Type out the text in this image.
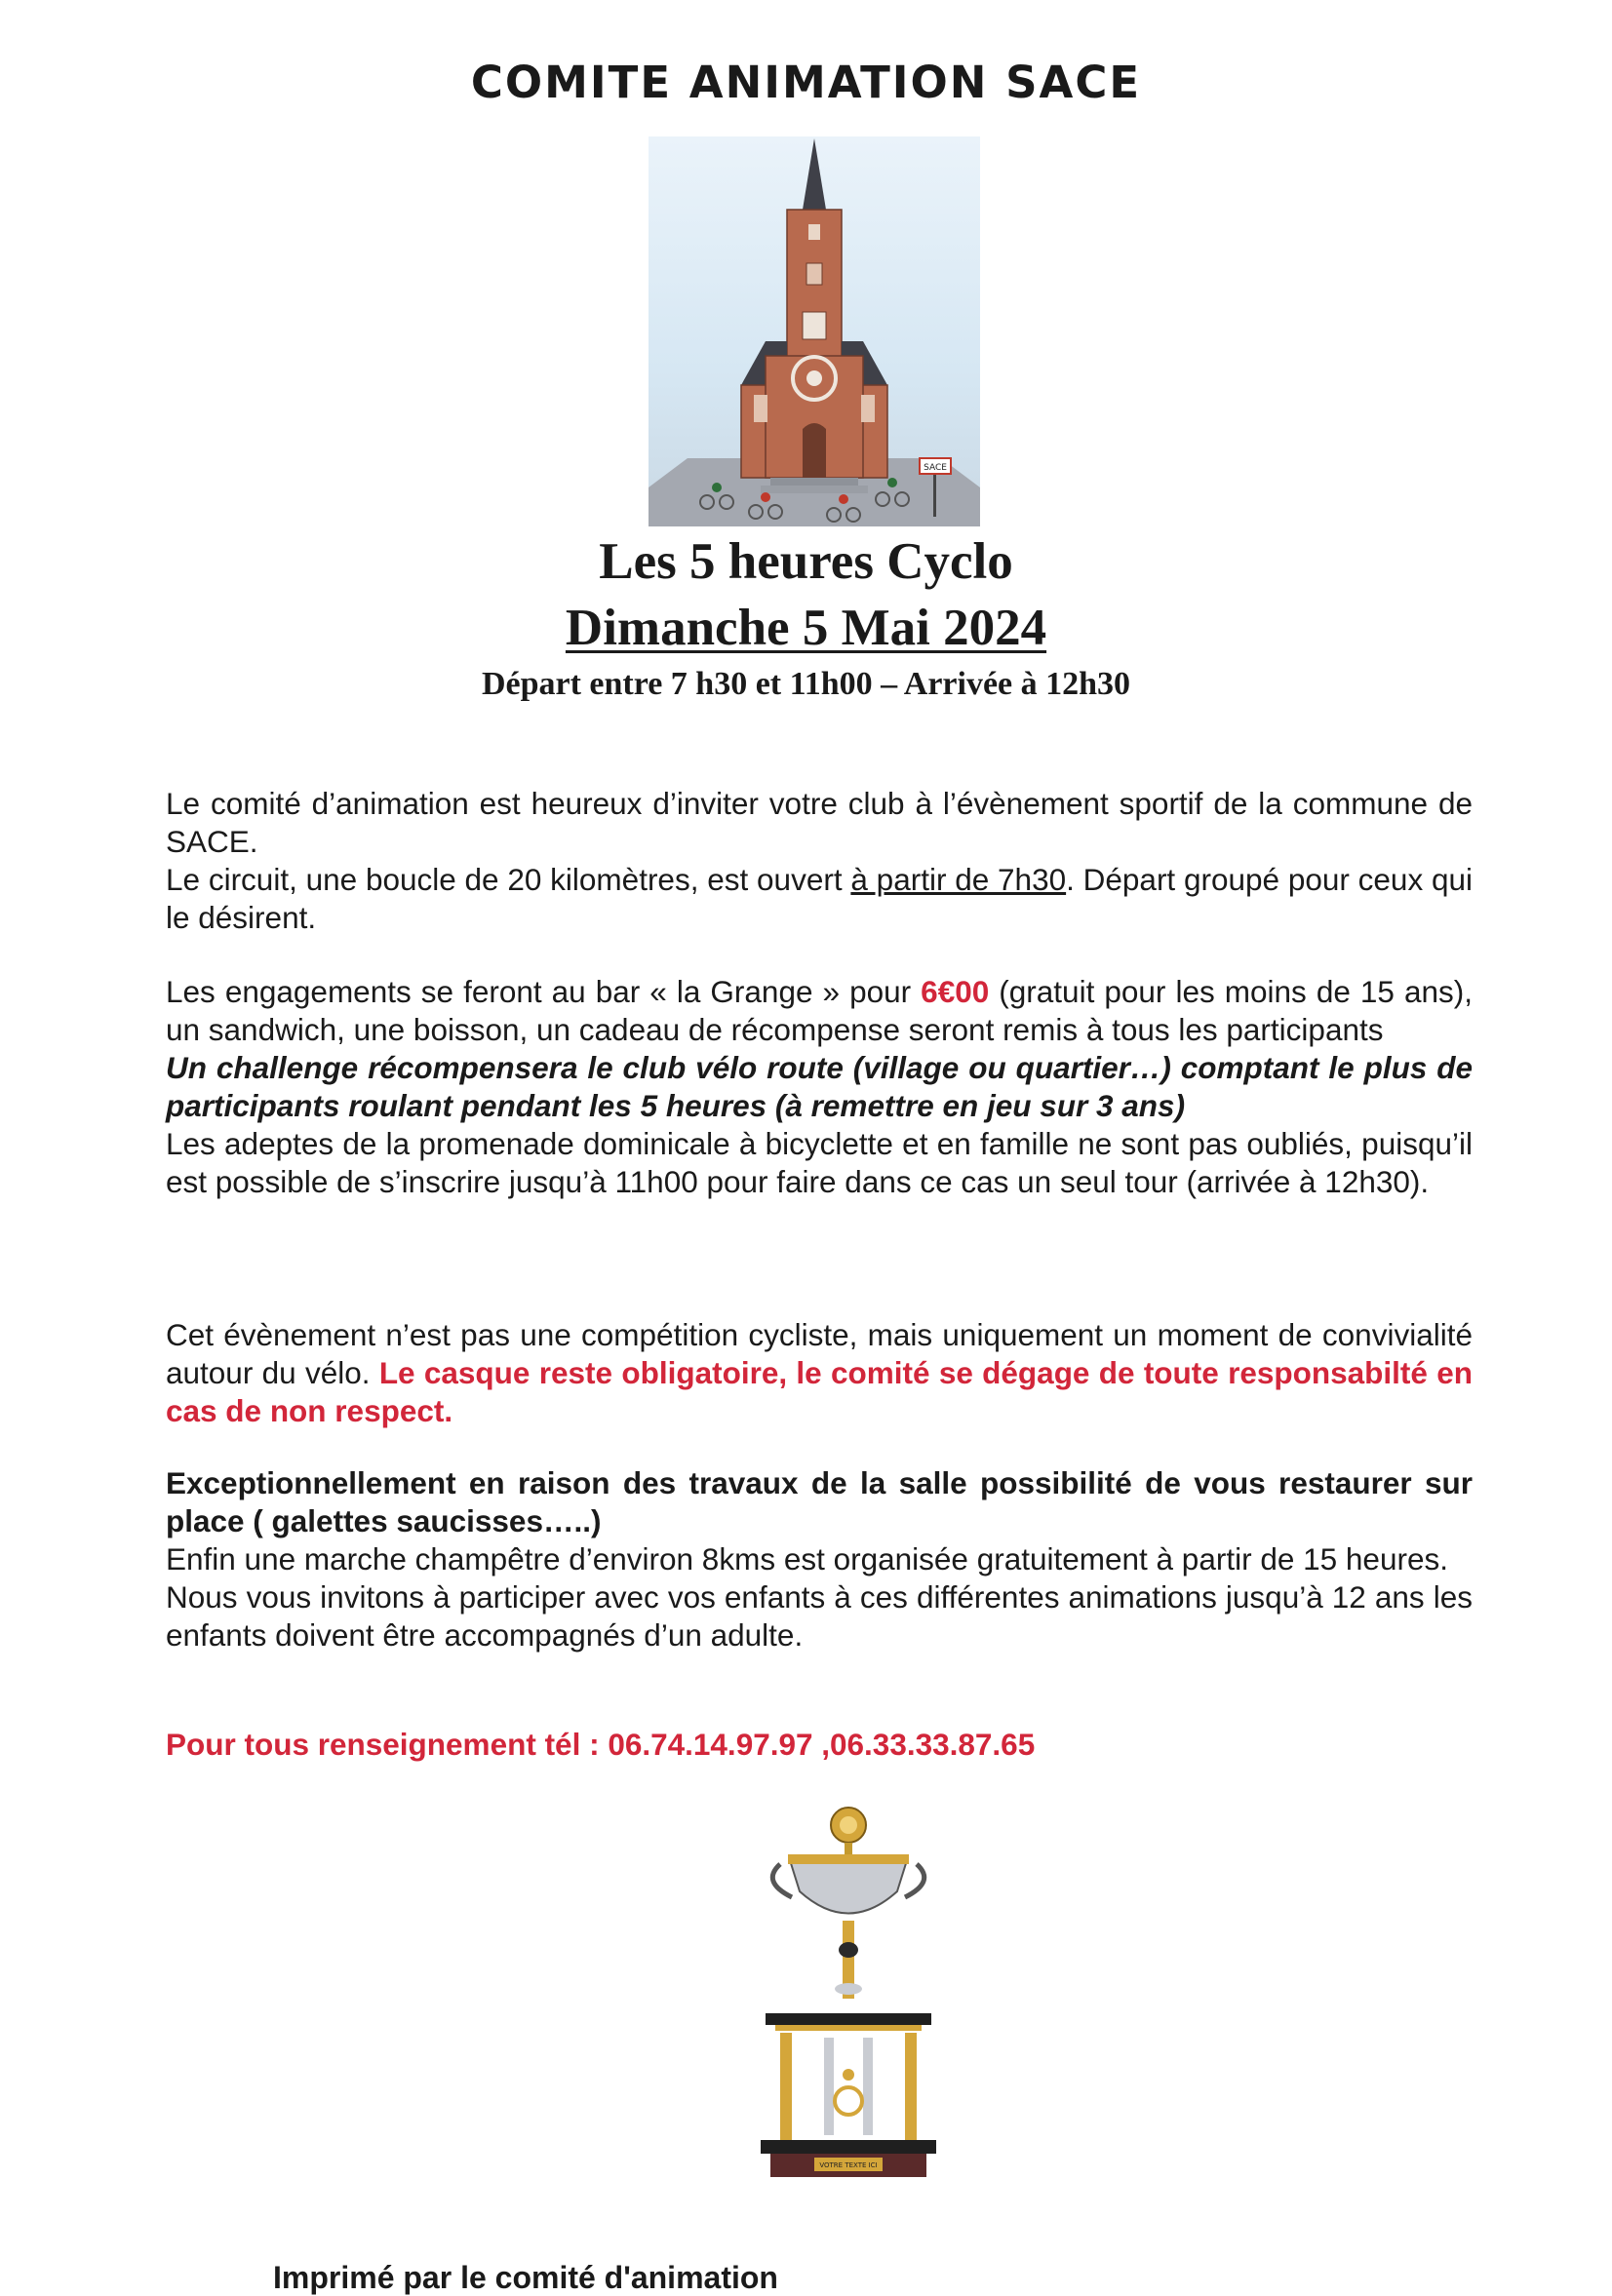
COMITE ANIMATION SACE
SACE
Les 5 heures Cyclo
Dimanche 5 Mai 2024
Départ entre 7 h30 et 11h00 – Arrivée à 12h30

Le comité d’animation est heureux d’inviter votre club à l’évènement sportif de la commune de SACE.

Le circuit, une boucle de 20 kilomètres, est ouvert à partir de 7h30. Départ groupé pour ceux qui le désirent.

Les engagements se feront au bar « la Grange » pour 6€00 (gratuit pour les moins de 15 ans), un sandwich, une boisson, un cadeau de récompense seront remis à tous les participants

Un challenge récompensera le club vélo route (village ou quartier…) comptant le plus de participants roulant pendant les 5 heures (à remettre en jeu sur 3 ans)

Les adeptes de la promenade dominicale à bicyclette et en famille ne sont pas oubliés, puisqu’il est possible de s’inscrire jusqu’à 11h00 pour faire dans ce cas un seul tour (arrivée à 12h30).

Cet évènement n’est pas une compétition cycliste, mais uniquement un moment de convivialité autour du vélo. Le casque reste obligatoire, le comité se dégage de toute responsabilté en cas de non respect.

Exceptionnellement en raison des travaux de la salle possibilité de vous restaurer sur place ( galettes saucisses…..)

Enfin une marche champêtre d’environ 8kms est organisée gratuitement à partir de 15 heures.

Nous vous invitons à participer avec vos enfants à ces différentes animations jusqu’à 12 ans les enfants doivent être accompagnés d’un adulte.

Pour tous renseignement tél : 06.74.14.97.97 ,06.33.33.87.65

VOTRE TEXTE ICI
Imprimé par le comité d'animation
